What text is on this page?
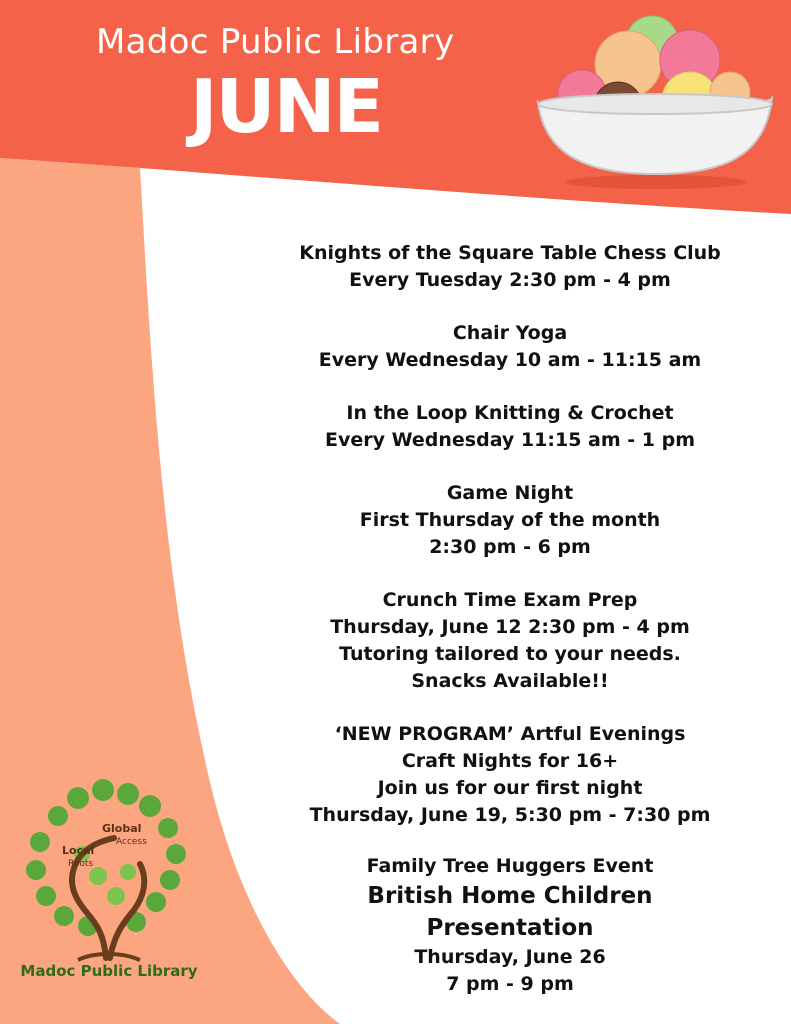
Madoc Public Library
JUNE
Knights of the Square Table Chess Club
Every Tuesday 2:30 pm - 4 pm
Chair Yoga
Every Wednesday 10 am - 11:15 am
In the Loop Knitting & Crochet
Every Wednesday 11:15 am - 1 pm
Game Night
First Thursday of the month
2:30 pm - 6 pm
Crunch Time Exam Prep
Thursday, June 12 2:30 pm - 4 pm
Tutoring tailored to your needs.
Snacks Available!!
‘NEW PROGRAM’ Artful Evenings
Craft Nights for 16+
Join us for our first night
Thursday, June 19, 5:30 pm - 7:30 pm
Family Tree Huggers Event
British Home Children
Presentation
Thursday, June 26
7 pm - 9 pm
Global
Access
Local
Roots
Madoc Public Library
